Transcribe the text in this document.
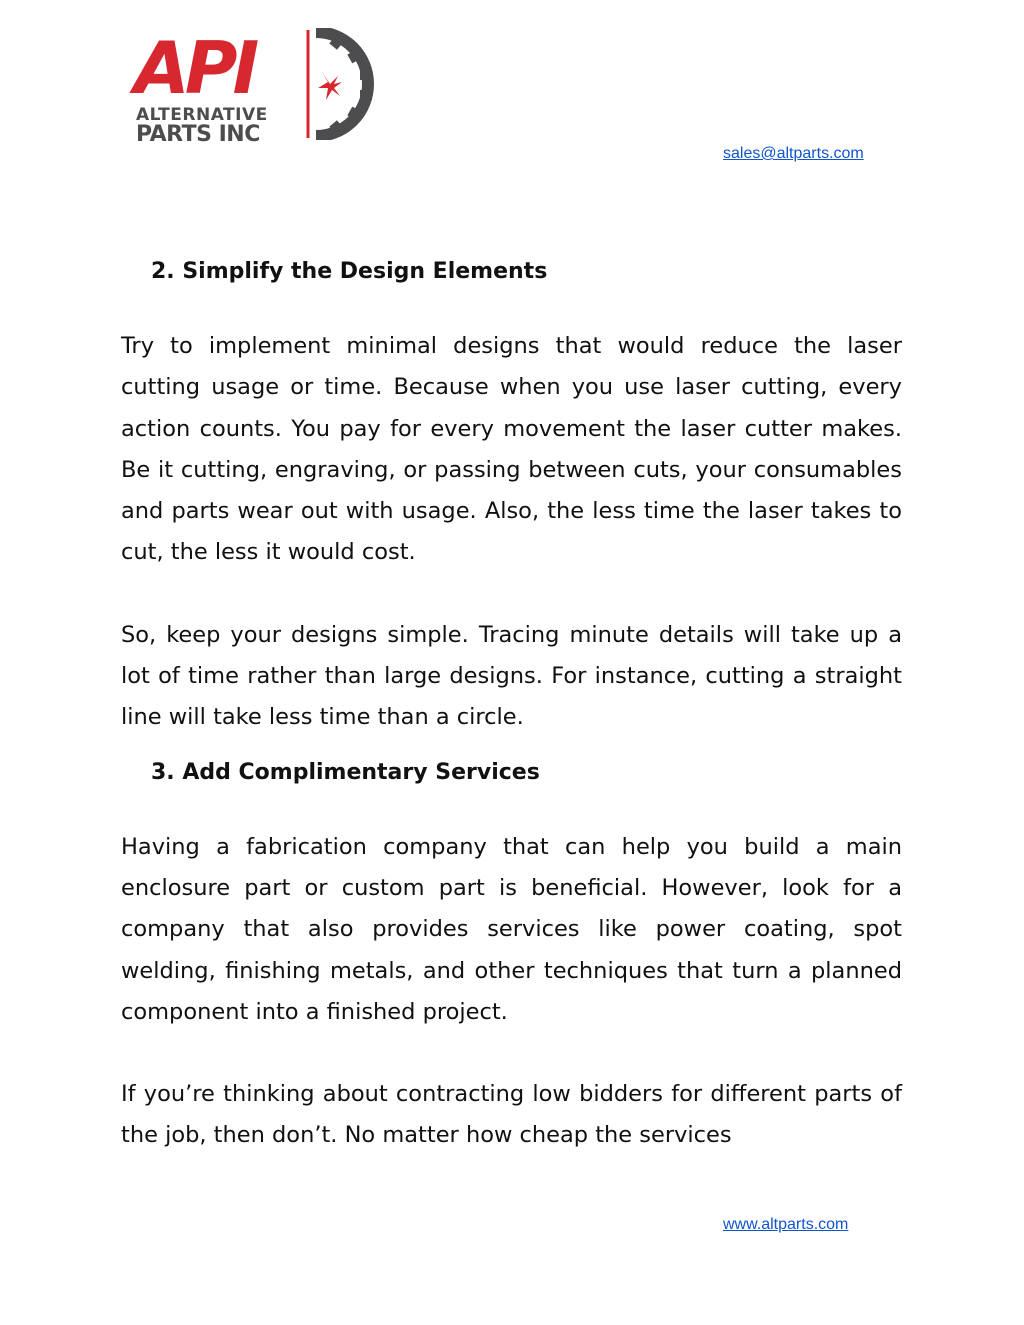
API
ALTERNATIVE
PARTS INC
sales@altparts.com
2. Simplify the Design Elements

Try to implement minimal designs that would reduce the laser cutting usage or time. Because when you use laser cutting, every action counts. You pay for every movement the laser cutter makes. Be it cutting, engraving, or passing between cuts, your consumables and parts wear out with usage. Also, the less time the laser takes to cut, the less it would cost.

So, keep your designs simple. Tracing minute details will take up a lot of time rather than large designs. For instance, cutting a straight line will take less time than a circle.

3. Add Complimentary Services

Having a fabrication company that can help you build a main enclosure part or custom part is beneficial. However, look for a company that also provides services like power coating, spot welding, finishing metals, and other techniques that turn a planned component into a finished project.

If you’re thinking about contracting low bidders for different parts of the job, then don’t. No matter how cheap the services

www.altparts.com
